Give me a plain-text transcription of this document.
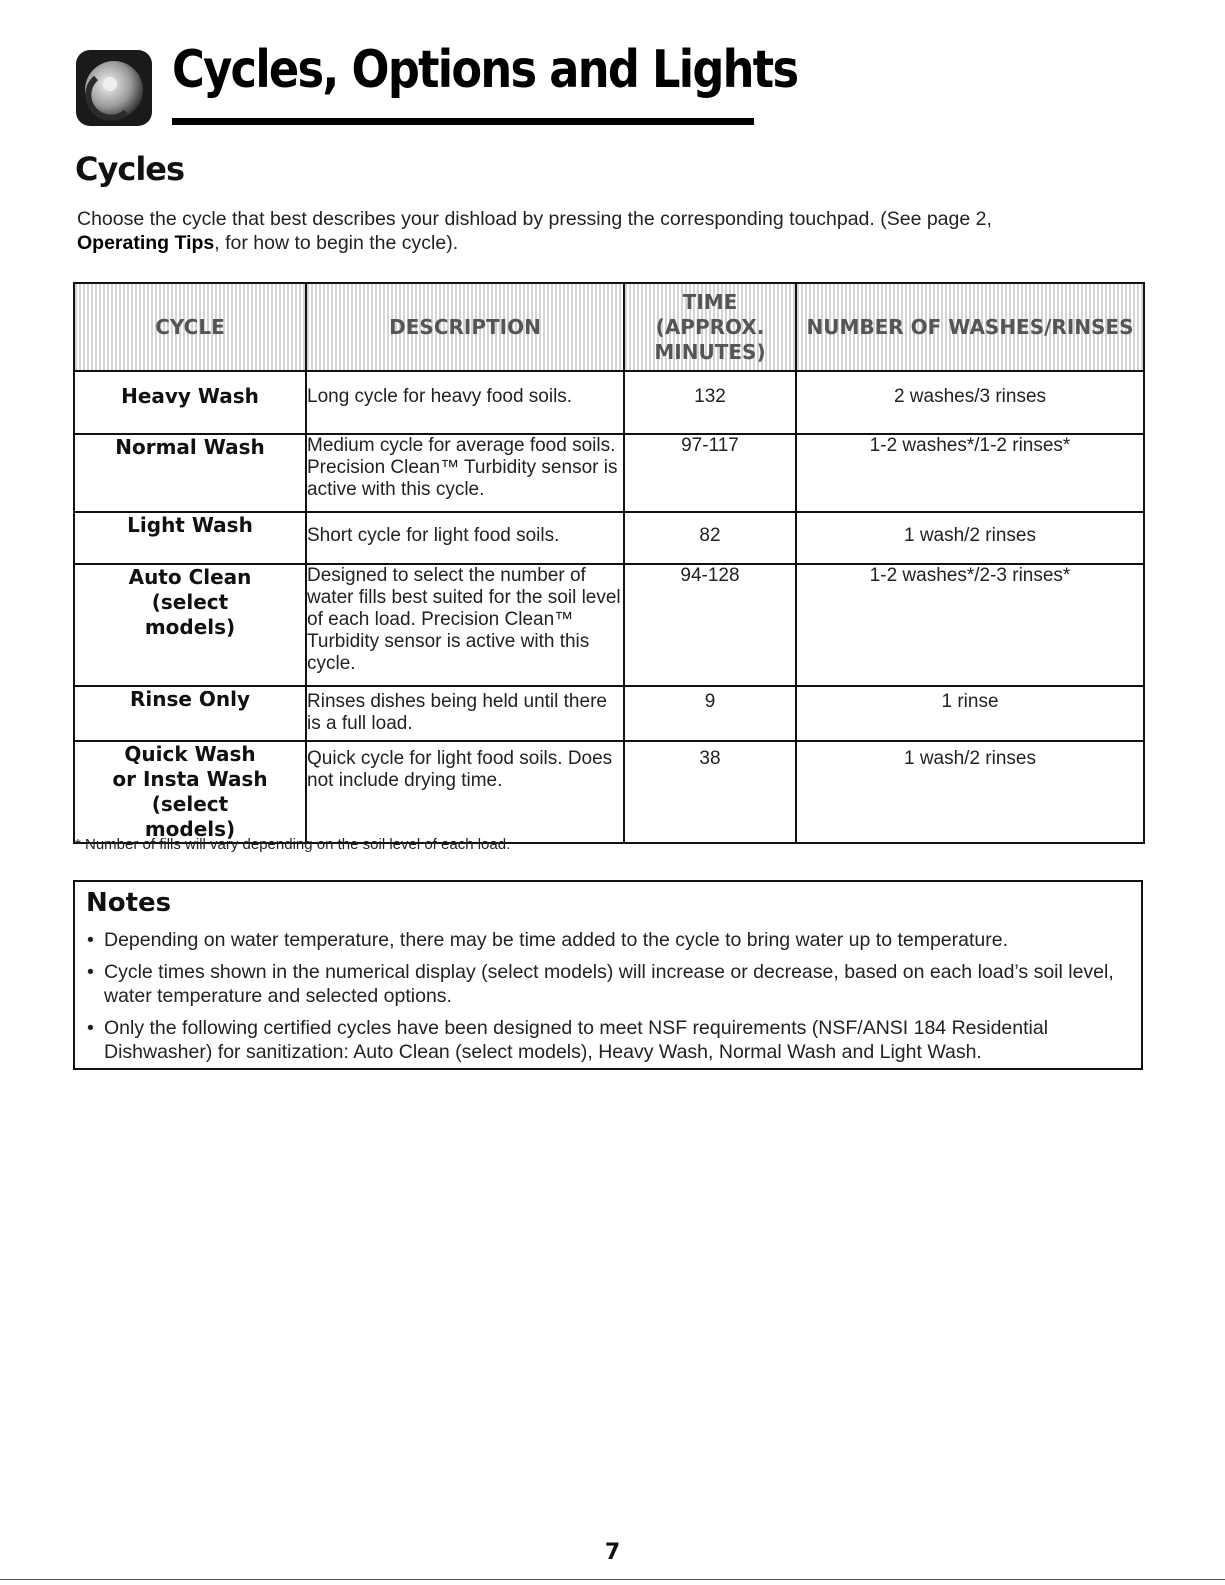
Cycles, Options and Lights
Cycles
Choose the cycle that best describes your dishload by pressing the corresponding touchpad. (See page 2,
Operating Tips, for how to begin the cycle).
CYCLE	DESCRIPTION	TIME (APPROX. MINUTES)	NUMBER OF WASHES/RINSES
Heavy Wash	Long cycle for heavy food soils.	132	2 washes/3 rinses
Normal Wash	Medium cycle for average food soils. Precision Clean™ Turbidity sensor is active with this cycle.	97-117	1-2 washes*/1-2 rinses*
Light Wash	Short cycle for light food soils.	82	1 wash/2 rinses
Auto Clean (select models)	Designed to select the number of water fills best suited for the soil level of each load. Precision Clean™ Turbidity sensor is active with this cycle.	94-128	1-2 washes*/2-3 rinses*
Rinse Only	Rinses dishes being held until there is a full load.	9	1 rinse
Quick Wash or Insta Wash (select models)	Quick cycle for light food soils. Does not include drying time.	38	1 wash/2 rinses
* Number of fills will vary depending on the soil level of each load.
Notes
• Depending on water temperature, there may be time added to the cycle to bring water up to temperature.
• Cycle times shown in the numerical display (select models) will increase or decrease, based on each load’s soil level, water temperature and selected options.
• Only the following certified cycles have been designed to meet NSF requirements (NSF/ANSI 184 Residential Dishwasher) for sanitization: Auto Clean (select models), Heavy Wash, Normal Wash and Light Wash.
7
